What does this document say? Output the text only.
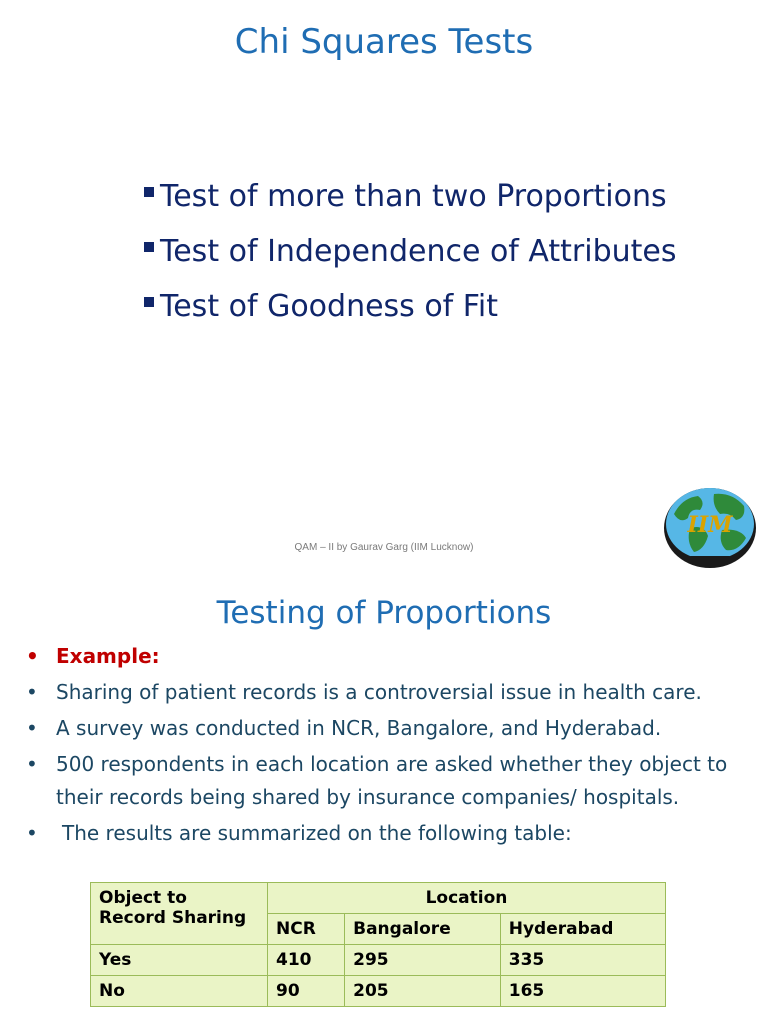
Chi Squares Tests
Test of more than two Proportions
Test of Independence of Attributes
Test of Goodness of Fit
QAM – II by Gaurav Garg (IIM Lucknow)
IIM
Testing of Proportions
• Example:
• Sharing of patient records is a controversial issue in health care.
• A survey was conducted in NCR, Bangalore, and Hyderabad.
• 500 respondents in each location are asked whether they object to their records being shared by insurance companies/ hospitals.
• The results are summarized on the following table:
Object to Record Sharing	Location		
	NCR	Bangalore	Hyderabad
Yes	410	295	335
No	90	205	165
